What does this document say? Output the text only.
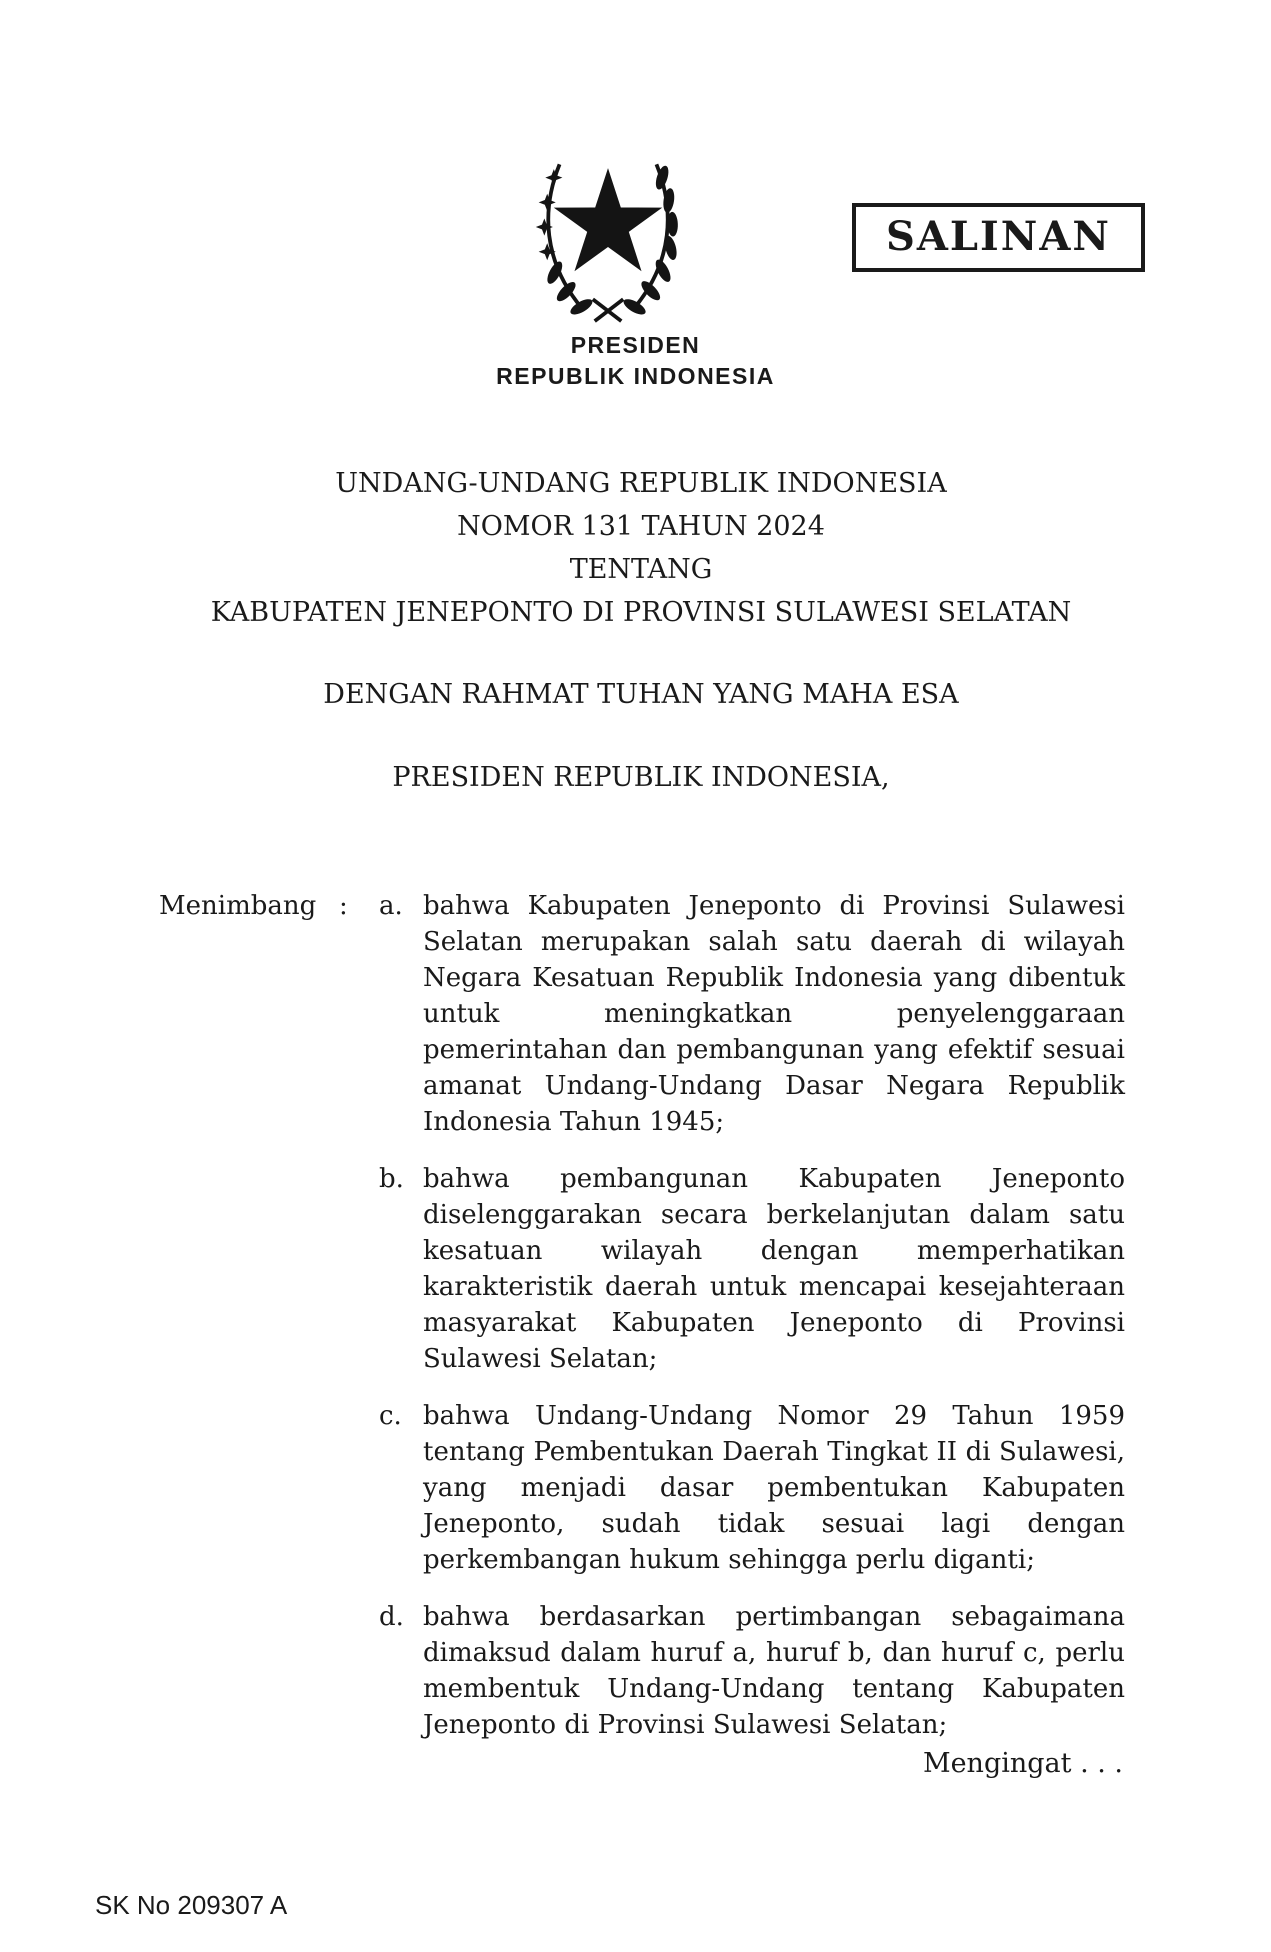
SALINAN
PRESIDEN
REPUBLIK INDONESIA
UNDANG-UNDANG REPUBLIK INDONESIA
NOMOR 131 TAHUN 2024
TENTANG
KABUPATEN JENEPONTO DI PROVINSI SULAWESI SELATAN
DENGAN RAHMAT TUHAN YANG MAHA ESA
PRESIDEN REPUBLIK INDONESIA,
Menimbang :	a. bahwa Kabupaten Jeneponto di Provinsi Sulawesi Selatan merupakan salah satu daerah di wilayah Negara Kesatuan Republik Indonesia yang dibentuk untuk meningkatkan penyelenggaraan pemerintahan dan pembangunan yang efektif sesuai amanat Undang-Undang Dasar Negara Republik Indonesia Tahun 1945;
b. bahwa pembangunan Kabupaten Jeneponto diselenggarakan secara berkelanjutan dalam satu kesatuan wilayah dengan memperhatikan karakteristik daerah untuk mencapai kesejahteraan masyarakat Kabupaten Jeneponto di Provinsi Sulawesi Selatan;
c. bahwa Undang-Undang Nomor 29 Tahun 1959 tentang Pembentukan Daerah Tingkat II di Sulawesi, yang menjadi dasar pembentukan Kabupaten Jeneponto, sudah tidak sesuai lagi dengan perkembangan hukum sehingga perlu diganti;
d. bahwa berdasarkan pertimbangan sebagaimana dimaksud dalam huruf a, huruf b, dan huruf c, perlu membentuk Undang-Undang tentang Kabupaten Jeneponto di Provinsi Sulawesi Selatan;
Mengingat . . .
SK No 209307 A
